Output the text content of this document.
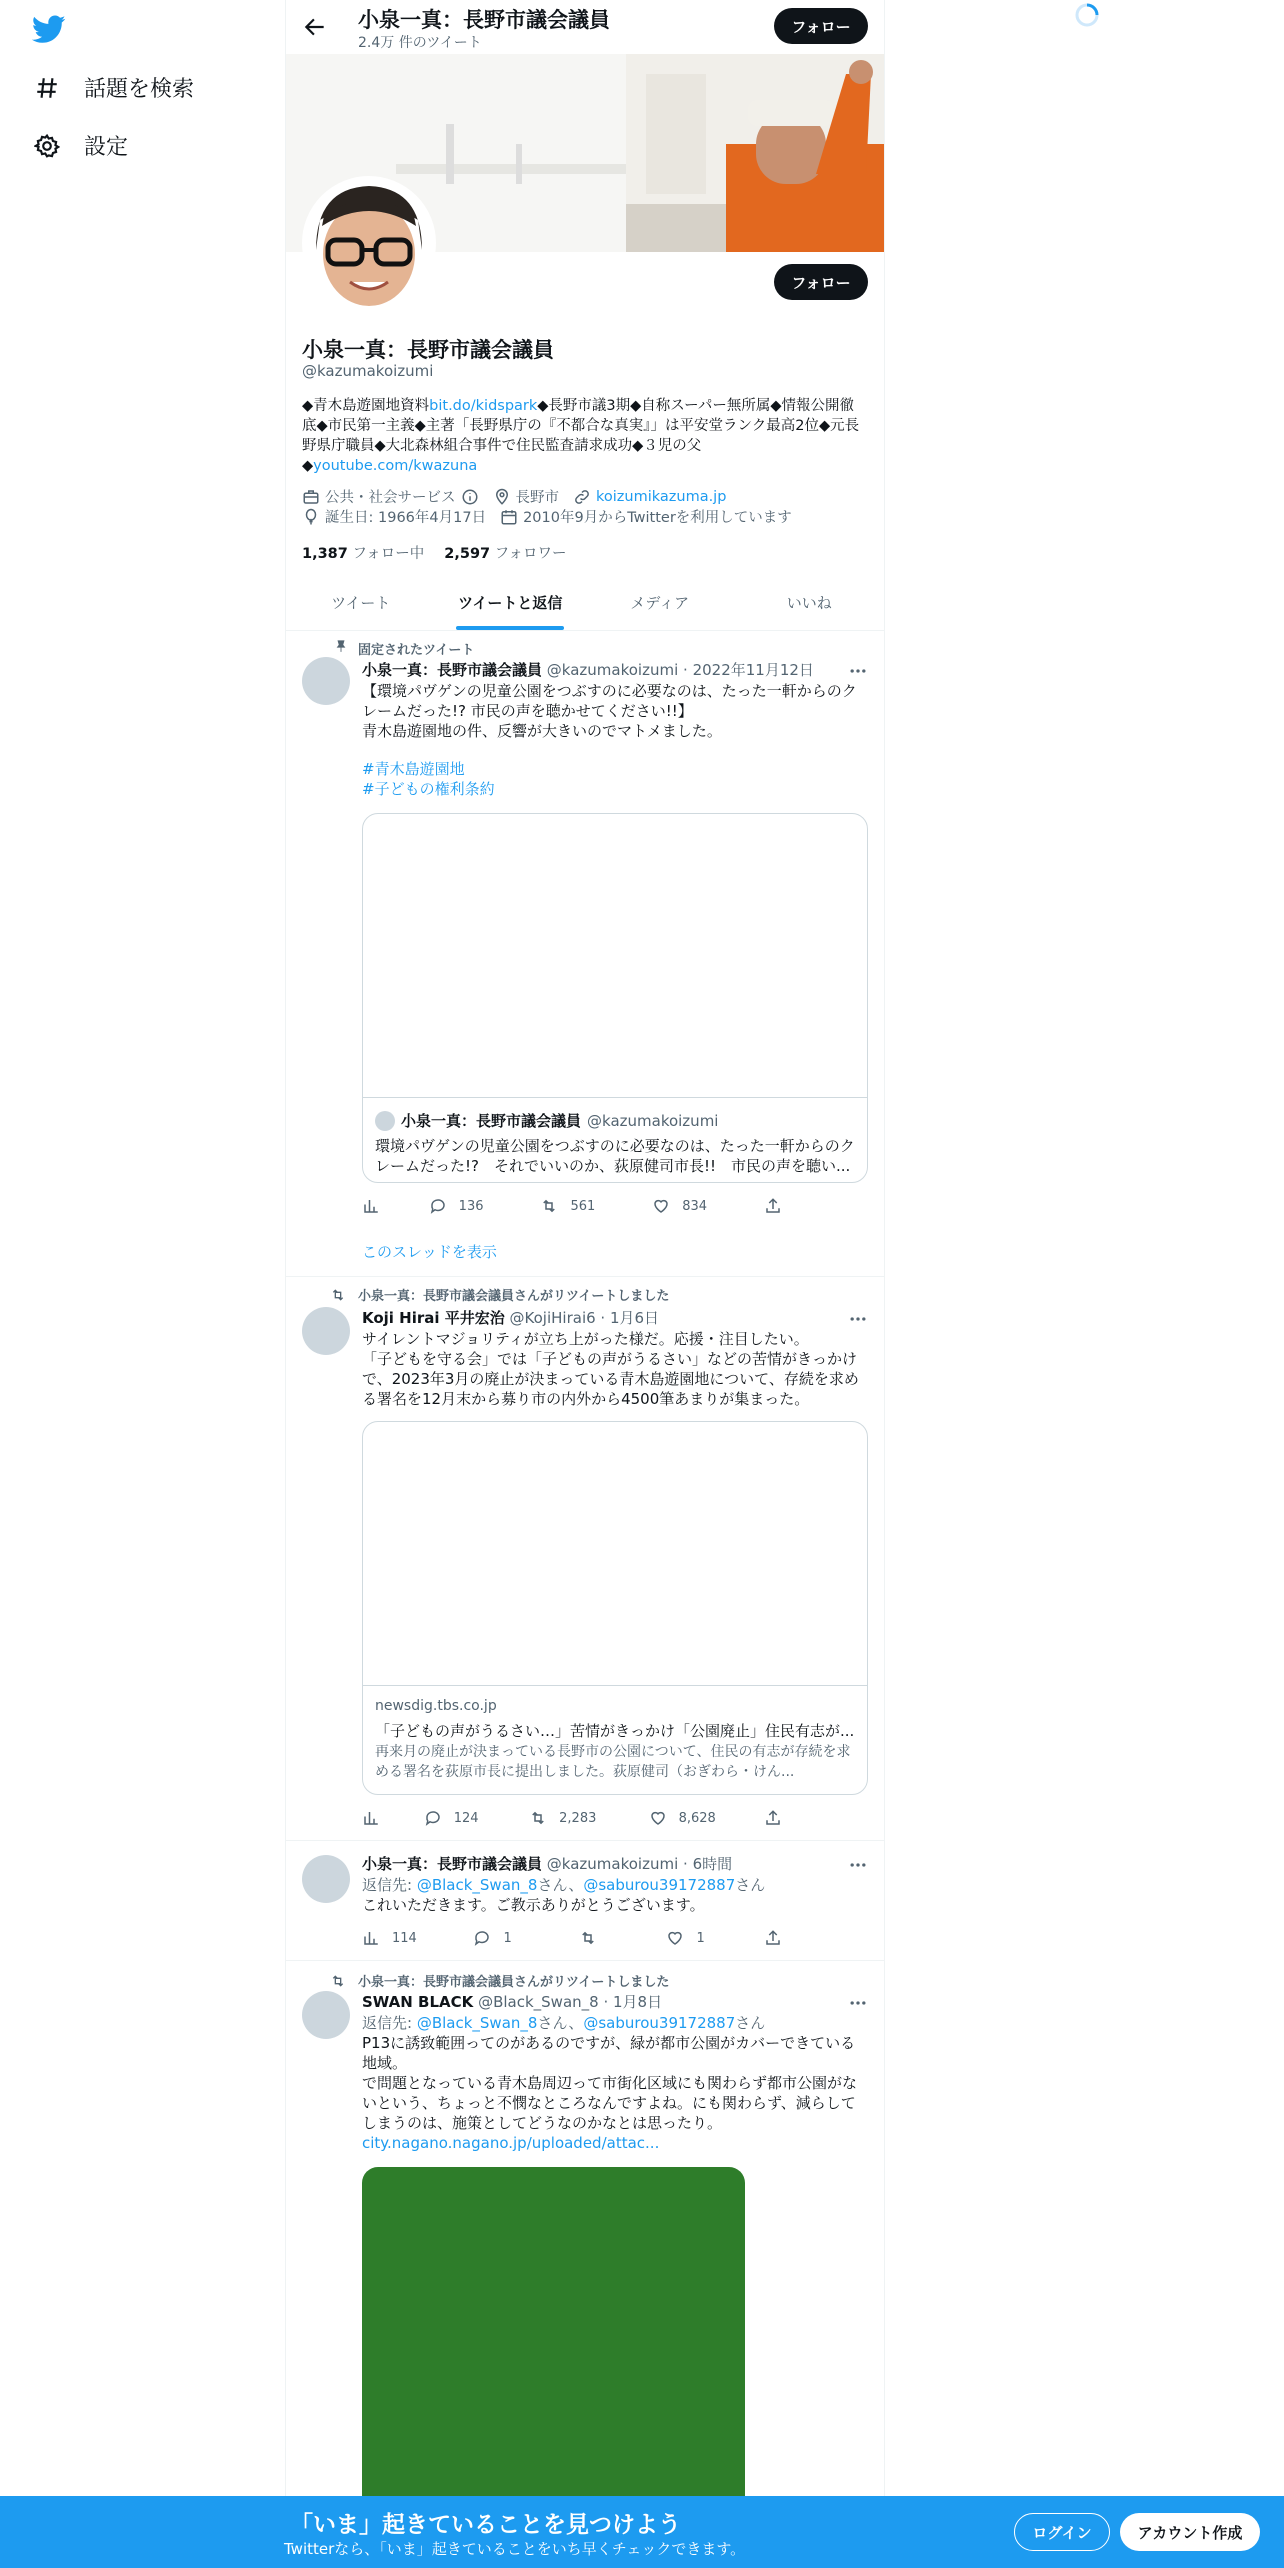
話題を検索
設定
小泉一真：長野市議会議員
2.4万 件のツイート
フォロー
フォロー
小泉一真：長野市議会議員
@kazumakoizumi
◆青木島遊園地資料bit.do/kidspark◆長野市議3期◆自称スーパー無所属◆情報公開徹底◆市民第一主義◆主著「長野県庁の『不都合な真実』」は平安堂ランク最高2位◆元長野県庁職員◆大北森林組合事件で住民監査請求成功◆３児の父◆youtube.com/kwazuna
公共・社会サービス	長野市	koizumikazuma.jp
誕生日: 1966年4月17日	2010年9月からTwitterを利用しています
1,387 フォロー中 2,597 フォロワー
ツイート	ツイートと返信	メディア	いいね
固定されたツイート
小泉一真：長野市議会議員 @kazumakoizumi · 2022年11月12日
【環境パヴゲンの児童公園をつぶすのに必要なのは、たった一軒からのクレームだった!? 市民の声を聴かせてください!!】
青木島遊園地の件、反響が大きいのでマトメました。
#青木島遊園地
#子どもの権利条約
小泉一真：長野市議会議員 @kazumakoizumi
環境パヴゲンの児童公園をつぶすのに必要なのは、たった一軒からのクレームだった!?　それでいいのか、荻原健司市長!!　市民の声を聴い...
136	561	834
このスレッドを表示
小泉一真：長野市議会議員さんがリツイートしました
Koji Hirai 平井宏治 @KojiHirai6 · 1月6日
サイレントマジョリティが立ち上がった様だ。応援・注目したい。
「子どもを守る会」では「子どもの声がうるさい」などの苦情がきっかけで、2023年3月の廃止が決まっている青木島遊園地について、存続を求める署名を12月末から募り市の内外から4500筆あまりが集まった。
newsdig.tbs.co.jp
「子どもの声がうるさい…」苦情がきっかけ「公園廃止」住民有志が...
再来月の廃止が決まっている長野市の公園について、住民の有志が存続を求める署名を荻原市長に提出しました。荻原健司（おぎわら・けん...
124	2,283	8,628
小泉一真：長野市議会議員 @kazumakoizumi · 6時間
返信先: @Black_Swan_8さん、@saburou39172887さん
これいただきます。ご教示ありがとうございます。
114	1	1
小泉一真：長野市議会議員さんがリツイートしました
SWAN BLACK @Black_Swan_8 · 1月8日
返信先: @Black_Swan_8さん、@saburou39172887さん
P13に誘致範囲ってのがあるのですが、緑が都市公園がカバーできている地域。
で問題となっている青木島周辺って市街化区域にも関わらず都市公園がないという、ちょっと不憫なところなんですよね。にも関わらず、減らしてしまうのは、施策としてどうなのかなとは思ったり。
city.nagano.nagano.jp/uploaded/attac...
「いま」起きていることを見つけよう
Twitterなら、「いま」起きていることをいち早くチェックできます。
ログイン	アカウント作成
